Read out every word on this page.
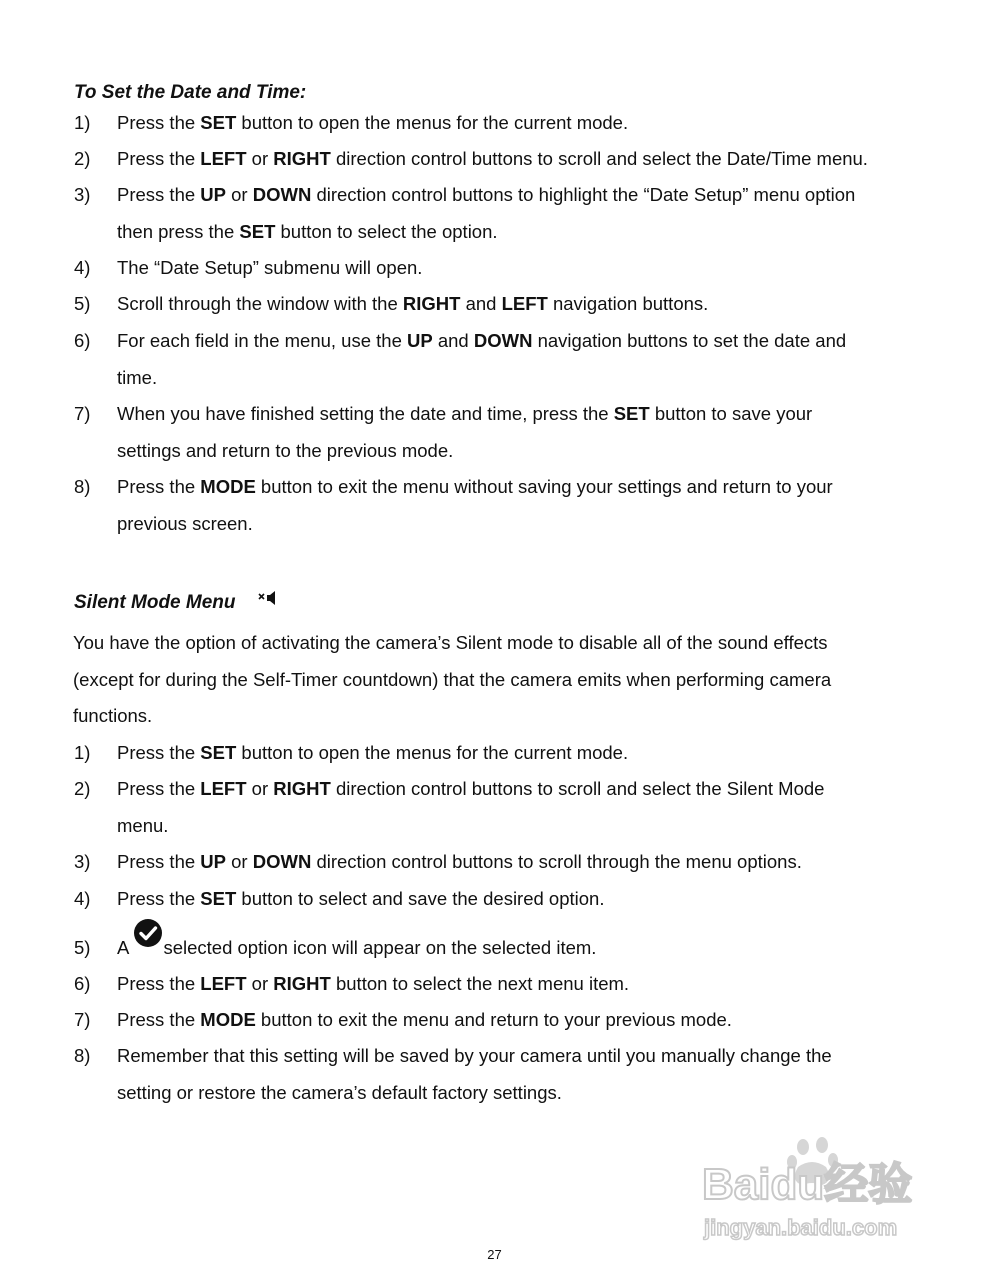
To Set the Date and Time:
1) Press the SET button to open the menus for the current mode.
2) Press the LEFT or RIGHT direction control buttons to scroll and select the Date/Time menu.
3) Press the UP or DOWN direction control buttons to highlight the “Date Setup” menu option
then press the SET button to select the option.
4) The “Date Setup” submenu will open.
5) Scroll through the window with the RIGHT and LEFT navigation buttons.
6) For each field in the menu, use the UP and DOWN navigation buttons to set the date and
time.
7) When you have finished setting the date and time, press the SET button to save your
settings and return to the previous mode.
8) Press the MODE button to exit the menu without saving your settings and return to your
previous screen.
Silent Mode Menu
You have the option of activating the camera’s Silent mode to disable all of the sound effects
(except for during the Self-Timer countdown) that the camera emits when performing camera
functions.
1) Press the SET button to open the menus for the current mode.
2) Press the LEFT or RIGHT direction control buttons to scroll and select the Silent Mode
menu.
3) Press the UP or DOWN direction control buttons to scroll through the menu options.
4) Press the SET button to select and save the desired option.
5) A selected option icon will appear on the selected item.
6) Press the LEFT or RIGHT button to select the next menu item.
7) Press the MODE button to exit the menu and return to your previous mode.
8) Remember that this setting will be saved by your camera until you manually change the
setting or restore the camera’s default factory settings.
Baidu经验
jingyan.baidu.com
27
